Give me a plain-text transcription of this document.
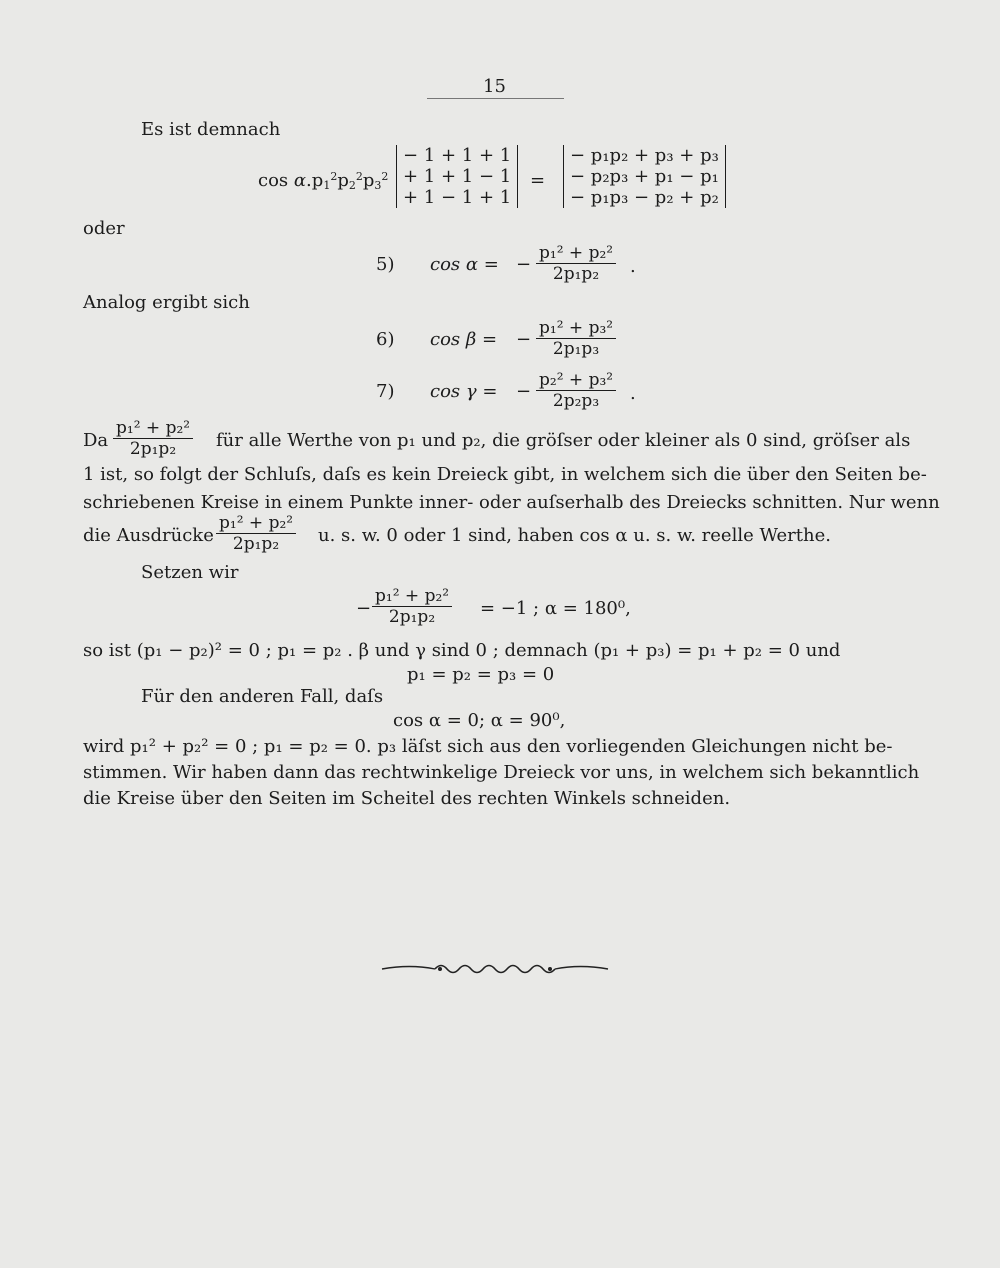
15
Es ist demnach
$\cos \alpha.p_1^2p_2^2p_3^2$
− 1 + 1 + 1
+ 1 + 1 − 1
+ 1 − 1 + 1
=
− p₁p₂ + p₃ + p₃
− p₂p₃ + p₁ − p₁
− p₁p₃ − p₂ + p₂
oder
5) cos α = − $\frac{\text{p₁² + p₂²}}{\text{2p₁p₂}}$ .
Analog ergibt sich
6) cos β = − $\frac{\text{p₁² + p₃²}}{\text{2p₁p₃}}$
7) cos γ = − $\frac{\text{p₂² + p₃²}}{\text{2p₂p₃}}$ .
Da $\frac{\text{p₁² + p₂²}}{\text{2p₁p₂}}$ für alle Werthe von p₁ und p₂, die gröſser oder kleiner als 0 sind, gröſser als
1 ist, so folgt der Schluſs, daſs es kein Dreieck gibt, in welchem sich die über den Seiten be-
schriebenen Kreise in einem Punkte inner- oder auſserhalb des Dreiecks schnitten. Nur wenn
die Ausdrücke $\frac{\text{p₁² + p₂²}}{\text{2p₁p₂}} u$. s. w. 0 oder 1 sind, haben cos α u. s. w. reelle Werthe.
Setzen wir
− $\frac{\text{p₁² + p₂²}}{\text{2p₁p₂}} = -1$ ; α = 180⁰,
so ist (p₁ − p₂)² = 0 ; p₁ = p₂ . β und γ sind 0 ; demnach (p₁ + p₃) = p₁ + p₂ = 0 und
p₁ = p₂ = p₃ = 0
Für den anderen Fall, daſs
cos α = 0; α = 90⁰,
wird p₁² + p₂² = 0 ; p₁ = p₂ = 0. p₃ läſst sich aus den vorliegenden Gleichungen nicht be-
stimmen. Wir haben dann das rechtwinkelige Dreieck vor uns, in welchem sich bekanntlich
die Kreise über den Seiten im Scheitel des rechten Winkels schneiden.
